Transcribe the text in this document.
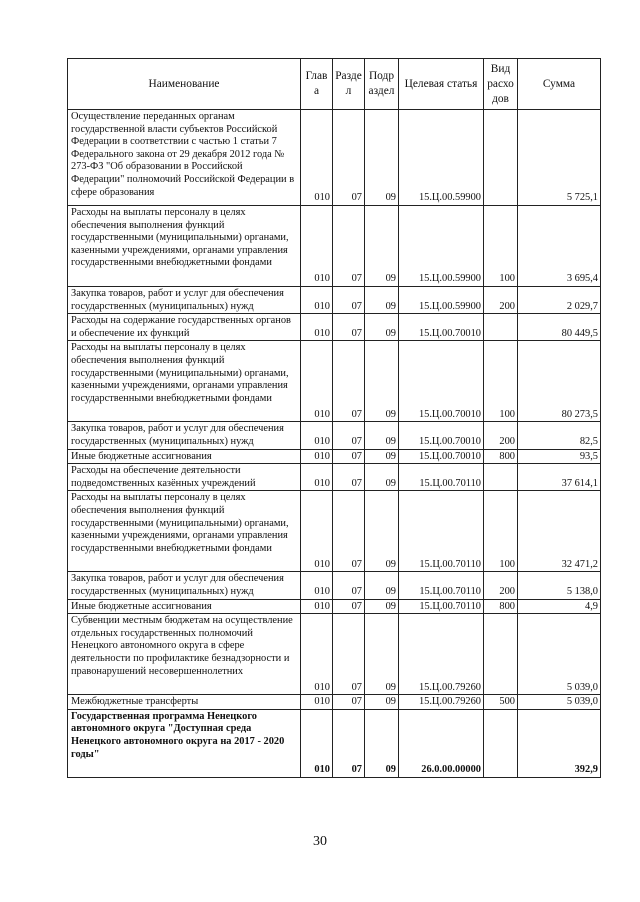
Наименование	Глав а	Разде л	Подр аздел	Целевая статья	Вид расхо дов	Сумма
Осуществление переданных органам государственной власти субъектов Российской Федерации в соответствии с частью 1 статьи 7 Федерального закона от 29 декабря 2012 года № 273-ФЗ "Об образовании в Российской Федерации" полномочий Российской Федерации в сфере образования	010	07	09	15.Ц.00.59900		5 725,1
Расходы на выплаты персоналу в целях обеспечения выполнения функций государственными (муниципальными) органами, казенными учреждениями, органами управления государственными внебюджетными фондами	010	07	09	15.Ц.00.59900	100	3 695,4
Закупка товаров, работ и услуг для обеспечения государственных (муниципальных) нужд	010	07	09	15.Ц.00.59900	200	2 029,7
Расходы на содержание государственных органов и обеспечение их функций	010	07	09	15.Ц.00.70010		80 449,5
Расходы на выплаты персоналу в целях обеспечения выполнения функций государственными (муниципальными) органами, казенными учреждениями, органами управления государственными внебюджетными фондами	010	07	09	15.Ц.00.70010	100	80 273,5
Закупка товаров, работ и услуг для обеспечения государственных (муниципальных) нужд	010	07	09	15.Ц.00.70010	200	82,5
Иные бюджетные ассигнования	010	07	09	15.Ц.00.70010	800	93,5
Расходы на обеспечение деятельности подведомственных казённых учреждений	010	07	09	15.Ц.00.70110		37 614,1
Расходы на выплаты персоналу в целях обеспечения выполнения функций государственными (муниципальными) органами, казенными учреждениями, органами управления государственными внебюджетными фондами	010	07	09	15.Ц.00.70110	100	32 471,2
Закупка товаров, работ и услуг для обеспечения государственных (муниципальных) нужд	010	07	09	15.Ц.00.70110	200	5 138,0
Иные бюджетные ассигнования	010	07	09	15.Ц.00.70110	800	4,9
Субвенции местным бюджетам на осуществление отдельных государственных полномочий Ненецкого автономного округа в сфере деятельности по профилактике безнадзорности и правонарушений несовершеннолетних	010	07	09	15.Ц.00.79260		5 039,0
Межбюджетные трансферты	010	07	09	15.Ц.00.79260	500	5 039,0
Государственная программа Ненецкого автономного округа "Доступная среда Ненецкого автономного округа на 2017 - 2020 годы"	010	07	09	26.0.00.00000		392,9
30
